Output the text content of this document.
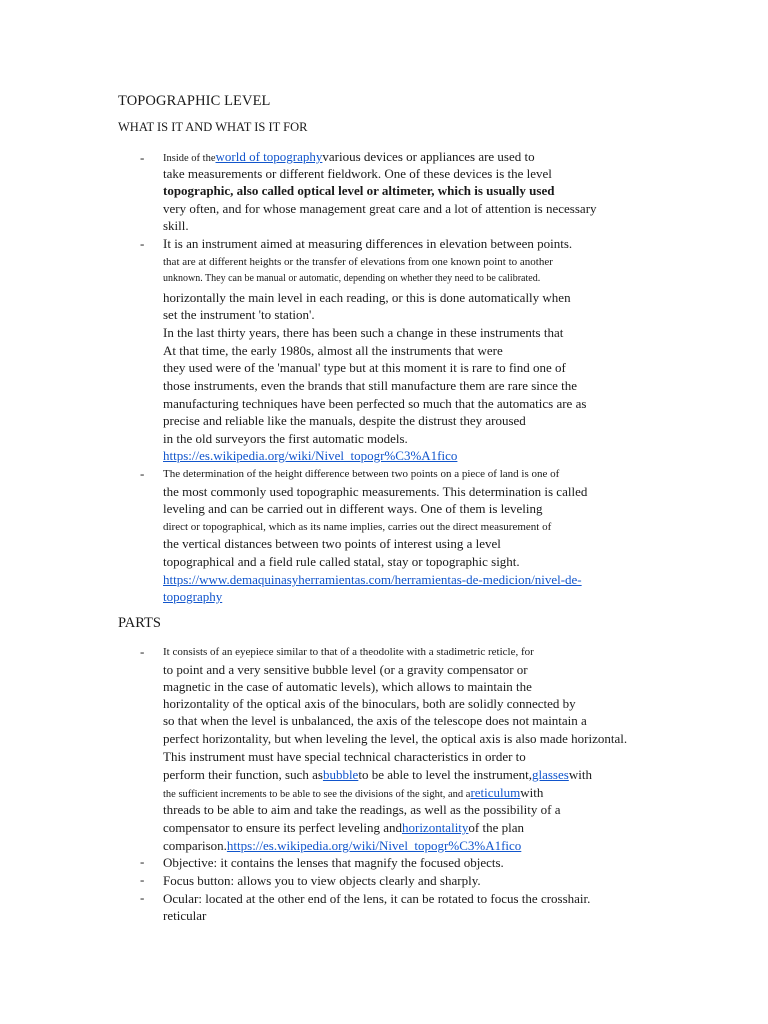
TOPOGRAPHIC LEVEL
WHAT IS IT AND WHAT IS IT FOR
- Inside of theworld of topographyvarious devices or appliances are used to
take measurements or different fieldwork. One of these devices is the level
topographic, also called optical level or altimeter, which is usually used
very often, and for whose management great care and a lot of attention is necessary
skill.
- It is an instrument aimed at measuring differences in elevation between points.
that are at different heights or the transfer of elevations from one known point to another
unknown. They can be manual or automatic, depending on whether they need to be calibrated.
horizontally the main level in each reading, or this is done automatically when
set the instrument 'to station'.
In the last thirty years, there has been such a change in these instruments that
At that time, the early 1980s, almost all the instruments that were
they used were of the 'manual' type but at this moment it is rare to find one of
those instruments, even the brands that still manufacture them are rare since the
manufacturing techniques have been perfected so much that the automatics are as
precise and reliable like the manuals, despite the distrust they aroused
in the old surveyors the first automatic models.
https://es.wikipedia.org/wiki/Nivel_topogr%C3%A1fico
- The determination of the height difference between two points on a piece of land is one of
the most commonly used topographic measurements. This determination is called
leveling and can be carried out in different ways. One of them is leveling
direct or topographical, which as its name implies, carries out the direct measurement of
the vertical distances between two points of interest using a level
topographical and a field rule called statal, stay or topographic sight.
https://www.demaquinasyherramientas.com/herramientas-de-medicion/nivel-de-
topography
PARTS
- It consists of an eyepiece similar to that of a theodolite with a stadimetric reticle, for
to point and a very sensitive bubble level (or a gravity compensator or
magnetic in the case of automatic levels), which allows to maintain the
horizontality of the optical axis of the binoculars, both are solidly connected by
so that when the level is unbalanced, the axis of the telescope does not maintain a
perfect horizontality, but when leveling the level, the optical axis is also made horizontal.
This instrument must have special technical characteristics in order to
perform their function, such asbubbleto be able to level the instrument,glasseswith
the sufficient increments to be able to see the divisions of the sight, and areticulumwith
threads to be able to aim and take the readings, as well as the possibility of a
compensator to ensure its perfect leveling andhorizontalityof the plan
comparison.https://es.wikipedia.org/wiki/Nivel_topogr%C3%A1fico
- Objective: it contains the lenses that magnify the focused objects.
- Focus button: allows you to view objects clearly and sharply.
- Ocular: located at the other end of the lens, it can be rotated to focus the crosshair.
reticular
